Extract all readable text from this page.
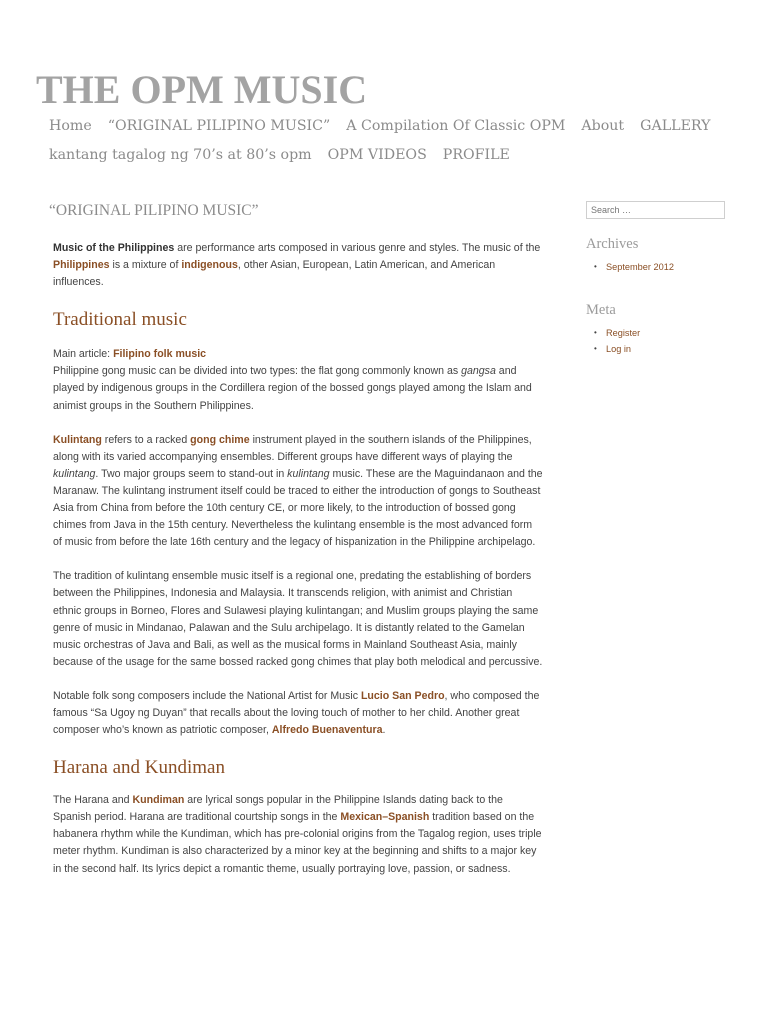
THE OPM MUSIC
Home “ORIGINAL PILIPINO MUSIC” A Compilation Of Classic OPM About GALLERY
kantang tagalog ng 70’s at 80’s opm OPM VIDEOS PROFILE
“ORIGINAL PILIPINO MUSIC”

Music of the Philippines are performance arts composed in various genre and styles. The music of the Philippines is a mixture of indigenous, other Asian, European, Latin American, and American influences.

Traditional music

Main article: Filipino folk music
Philippine gong music can be divided into two types: the flat gong commonly known as gangsa and played by indigenous groups in the Cordillera region of the bossed gongs played among the Islam and animist groups in the Southern Philippines.

Kulintang refers to a racked gong chime instrument played in the southern islands of the Philippines, along with its varied accompanying ensembles. Different groups have different ways of playing the kulintang. Two major groups seem to stand-out in kulintang music. These are the Maguindanaon and the Maranaw. The kulintang instrument itself could be traced to either the introduction of gongs to Southeast Asia from China from before the 10th century CE, or more likely, to the introduction of bossed gong chimes from Java in the 15th century. Nevertheless the kulintang ensemble is the most advanced form of music from before the late 16th century and the legacy of hispanization in the Philippine archipelago.

The tradition of kulintang ensemble music itself is a regional one, predating the establishing of borders between the Philippines, Indonesia and Malaysia. It transcends religion, with animist and Christian ethnic groups in Borneo, Flores and Sulawesi playing kulintangan; and Muslim groups playing the same genre of music in Mindanao, Palawan and the Sulu archipelago. It is distantly related to the Gamelan music orchestras of Java and Bali, as well as the musical forms in Mainland Southeast Asia, mainly because of the usage for the same bossed racked gong chimes that play both melodical and percussive.

Notable folk song composers include the National Artist for Music Lucio San Pedro, who composed the famous “Sa Ugoy ng Duyan” that recalls about the loving touch of mother to her child. Another great composer who’s known as patriotic composer, Alfredo Buenaventura.

Harana and Kundiman

The Harana and Kundiman are lyrical songs popular in the Philippine Islands dating back to the Spanish period. Harana are traditional courtship songs in the Mexican–Spanish tradition based on the habanera rhythm while the Kundiman, which has pre-colonial origins from the Tagalog region, uses triple meter rhythm. Kundiman is also characterized by a minor key at the beginning and shifts to a major key in the second half. Its lyrics depict a romantic theme, usually portraying love, passion, or sadness.

Search …
Archives
• September 2012
Meta
• Register
• Log in
